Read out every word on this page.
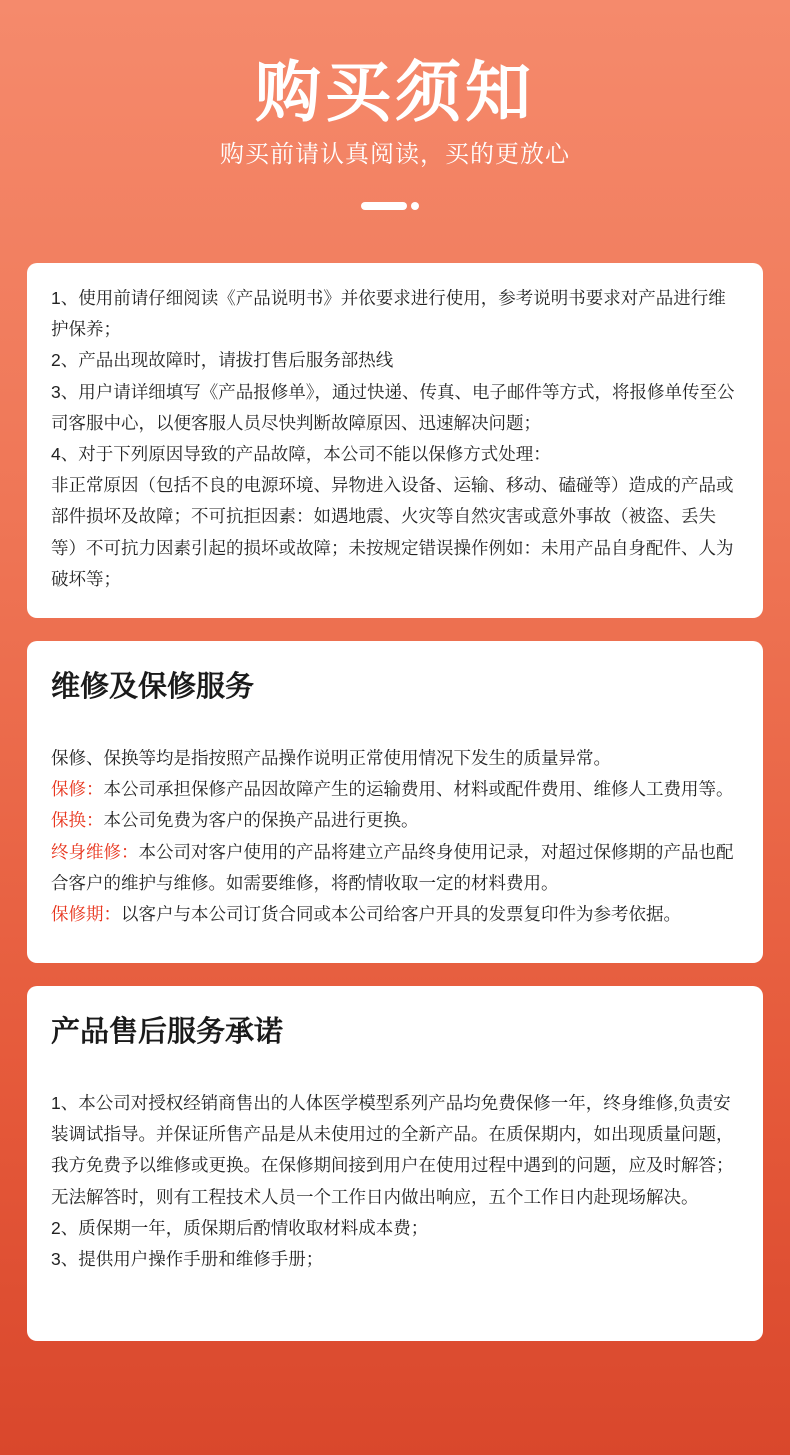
购买须知
购买前请认真阅读，买的更放心

1、使用前请仔细阅读《产品说明书》并依要求进行使用，参考说明书要求对产品进行维护保养；

2、产品出现故障时，请拔打售后服务部热线

3、用户请详细填写《产品报修单》，通过快递、传真、电子邮件等方式，将报修单传至公司客服中心，以便客服人员尽快判断故障原因、迅速解决问题；

4、对于下列原因导致的产品故障，本公司不能以保修方式处理：

非正常原因（包括不良的电源环境、异物进入设备、运输、移动、磕碰等）造成的产品或部件损坏及故障；不可抗拒因素：如遇地震、火灾等自然灾害或意外事故（被盗、丢失等）不可抗力因素引起的损坏或故障；未按规定错误操作例如：未用产品自身配件、人为破坏等；

维修及保修服务

保修、保换等均是指按照产品操作说明正常使用情况下发生的质量异常。

保修：本公司承担保修产品因故障产生的运输费用、材料或配件费用、维修人工费用等。

保换：本公司免费为客户的保换产品进行更换。

终身维修：本公司对客户使用的产品将建立产品终身使用记录，对超过保修期的产品也配合客户的维护与维修。如需要维修，将酌情收取一定的材料费用。

保修期：以客户与本公司订货合同或本公司给客户开具的发票复印件为参考依据。

产品售后服务承诺

1、本公司对授权经销商售出的人体医学模型系列产品均免费保修一年，终身维修,负责安装调试指导。并保证所售产品是从未使用过的全新产品。在质保期内，如出现质量问题，我方免费予以维修或更换。在保修期间接到用户在使用过程中遇到的问题，应及时解答；无法解答时，则有工程技术人员一个工作日内做出响应，五个工作日内赴现场解决。

2、质保期一年，质保期后酌情收取材料成本费；

3、提供用户操作手册和维修手册；
